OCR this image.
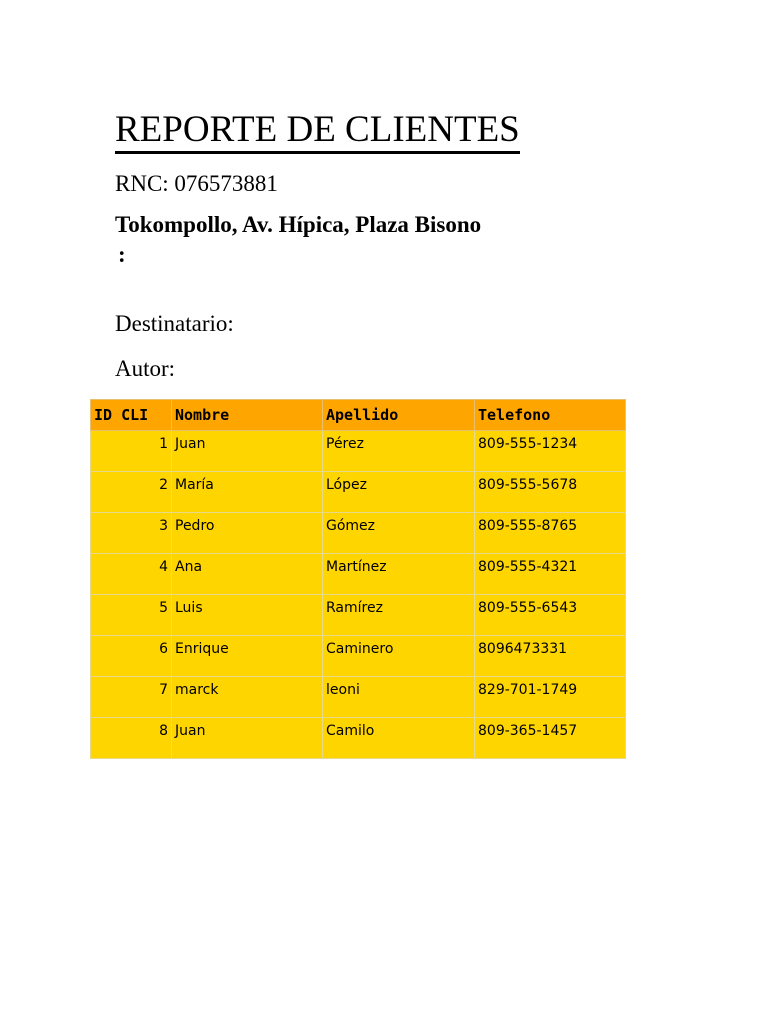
REPORTE DE CLIENTES
RNC: 076573881
Tokompollo, Av. Hípica, Plaza Bisono
:
Destinatario:
Autor:
ID CLI	Nombre	Apellido	Telefono
1	Juan	Pérez	809-555-1234
2	María	López	809-555-5678
3	Pedro	Gómez	809-555-8765
4	Ana	Martínez	809-555-4321
5	Luis	Ramírez	809-555-6543
6	Enrique	Caminero	8096473331
7	marck	leoni	829-701-1749
8	Juan	Camilo	809-365-1457
